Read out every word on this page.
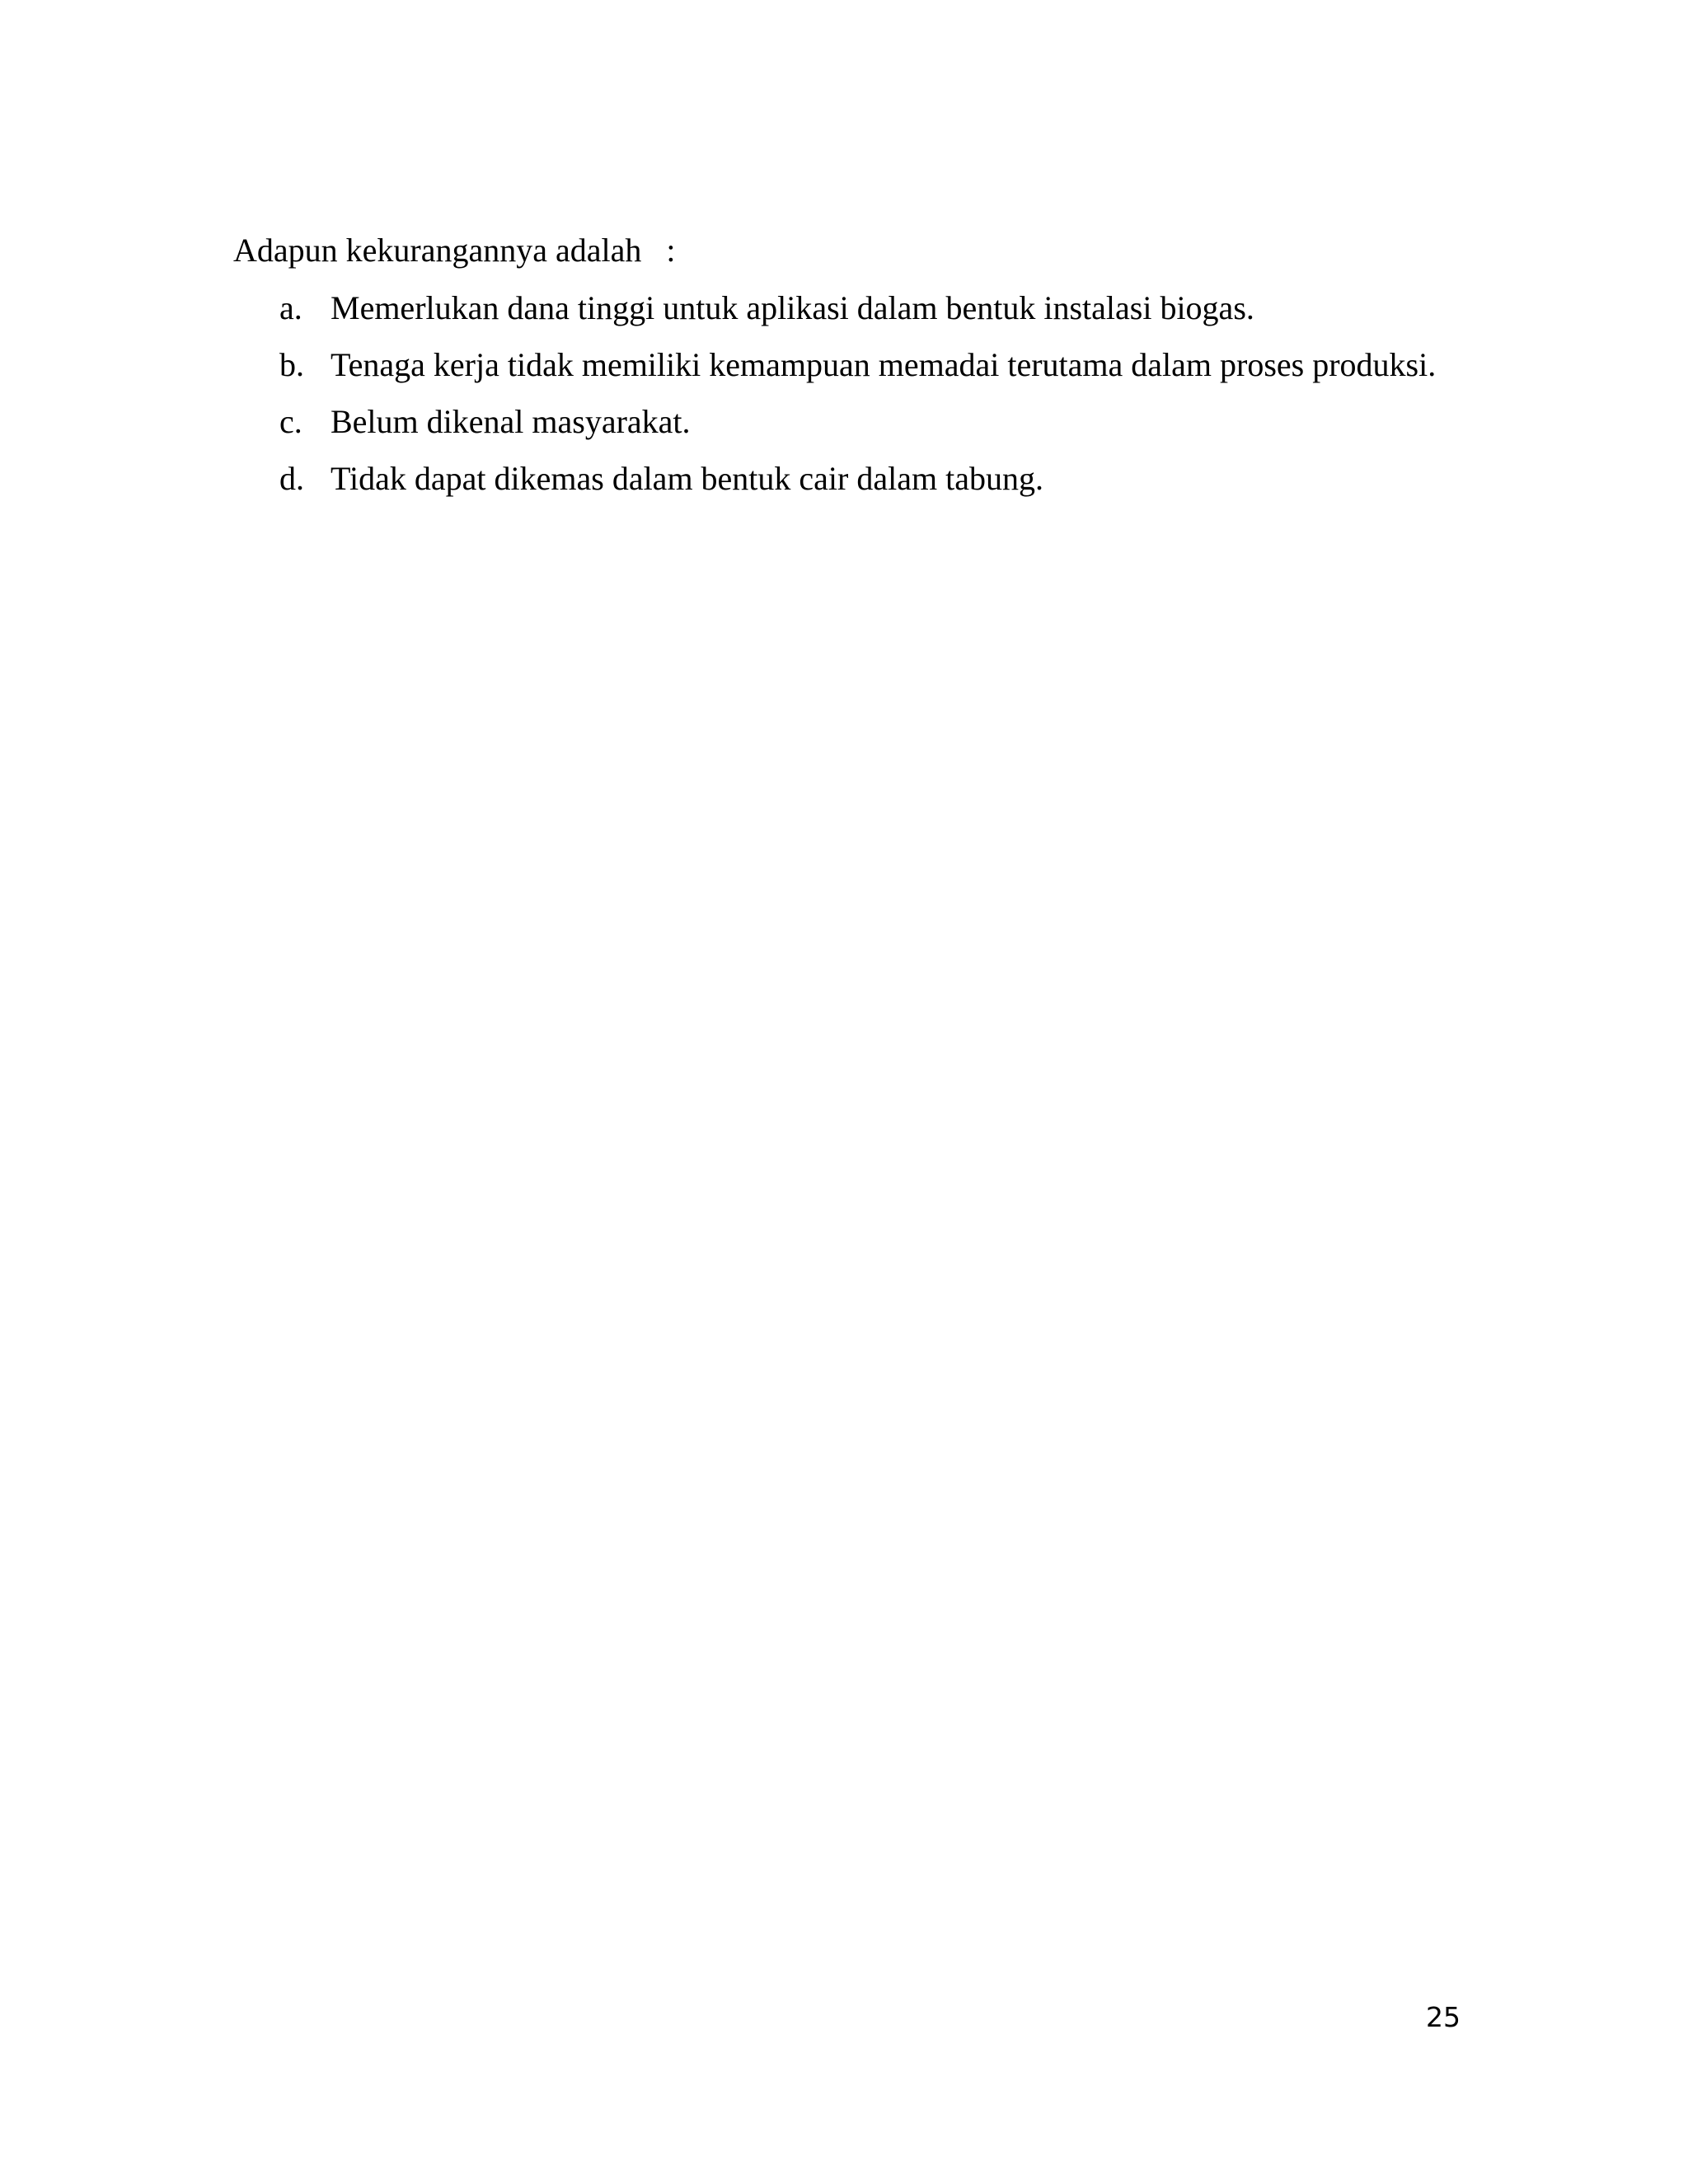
Adapun kekurangannya adalah :
a. Memerlukan dana tinggi untuk aplikasi dalam bentuk instalasi biogas.
b. Tenaga kerja tidak memiliki kemampuan memadai terutama dalam proses produksi.
c. Belum dikenal masyarakat.
d. Tidak dapat dikemas dalam bentuk cair dalam tabung.
25
